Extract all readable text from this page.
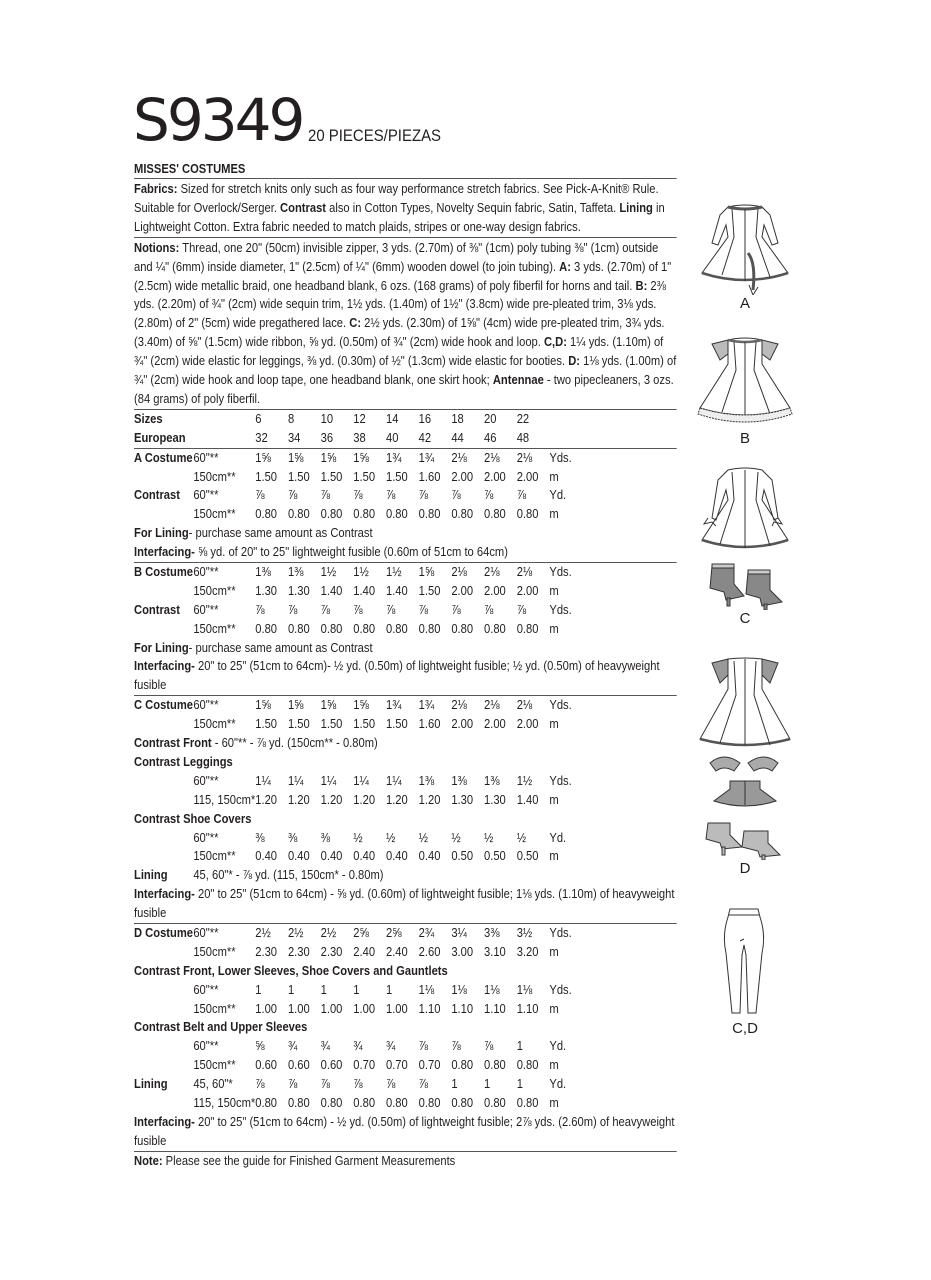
S9349 20 PIECES/PIEZAS
MISSES' COSTUMES
Fabrics: Sized for stretch knits only such as four way performance stretch fabrics. See Pick-A-Knit® Rule. Suitable for Overlock/Serger. Contrast also in Cotton Types, Novelty Sequin fabric, Satin, Taffeta. Lining in Lightweight Cotton. Extra fabric needed to match plaids, stripes or one-way design fabrics.
Notions: Thread, one 20" (50cm) invisible zipper, 3 yds. (2.70m) of ⅜" (1cm) poly tubing ⅜" (1cm) outside and ¼" (6mm) inside diameter, 1" (2.5cm) of ¼" (6mm) wooden dowel (to join tubing). A: 3 yds. (2.70m) of 1" (2.5cm) wide metallic braid, one headband blank, 6 ozs. (168 grams) of poly fiberfil for horns and tail. B: 2⅜ yds. (2.20m) of ¾" (2cm) wide sequin trim, 1½ yds. (1.40m) of 1½" (3.8cm) wide pre-pleated trim, 3⅛ yds. (2.80m) of 2" (5cm) wide pregathered lace. C: 2½ yds. (2.30m) of 1⅝" (4cm) wide pre-pleated trim, 3¾ yds. (3.40m) of ⅝" (1.5cm) wide ribbon, ⅝ yd. (0.50m) of ¾" (2cm) wide hook and loop. C,D: 1¼ yds. (1.10m) of ¾" (2cm) wide elastic for leggings, ⅜ yd. (0.30m) of ½" (1.3cm) wide elastic for booties. D: 1⅛ yds. (1.00m) of ¾" (2cm) wide hook and loop tape, one headband blank, one skirt hook; Antennae - two pipecleaners, 3 ozs. (84 grams) of poly fiberfil.
Sizes	6	8	10	12	14	16	18	20	22
European	32	34	36	38	40	42	44	46	48
A Costume 60"**	1⅝	1⅝	1⅝	1⅝	1¾	1¾	2⅛	2⅛	2⅛	Yds.
150cm**	1.50 1.50 1.50 1.50 1.50 1.60 2.00 2.00 2.00 m
Contrast	60"**	⅞	⅞	⅞	⅞	⅞	⅞	⅞	⅞	⅞	Yd.
150cm**	0.80 0.80 0.80 0.80 0.80 0.80 0.80 0.80 0.80 m
For Lining- purchase same amount as Contrast
Interfacing- ⅝ yd. of 20" to 25" lightweight fusible (0.60m of 51cm to 64cm)
B Costume 60"**	1⅜	1⅜	1½	1½	1½	1⅝	2⅛	2⅛	2⅛	Yds.
150cm**	1.30 1.30 1.40 1.40 1.40 1.50 2.00 2.00 2.00 m
Contrast	60"**	⅞	⅞	⅞	⅞	⅞	⅞	⅞	⅞	⅞	Yds.
150cm**	0.80 0.80 0.80 0.80 0.80 0.80 0.80 0.80 0.80 m
For Lining- purchase same amount as Contrast
Interfacing- 20" to 25" (51cm to 64cm)- ½ yd. (0.50m) of lightweight fusible; ½ yd. (0.50m) of heavyweight fusible
C Costume 60"**	1⅝	1⅝	1⅝	1⅝	1¾	1¾	2⅛	2⅛	2⅛	Yds.
150cm**	1.50 1.50 1.50 1.50 1.50 1.60 2.00 2.00 2.00 m
Contrast Front - 60"** - ⅞ yd. (150cm** - 0.80m)
Contrast Leggings
60"**	1¼	1¼	1¼	1¼	1¼	1⅜	1⅜	1⅜	1½	Yds.
115, 150cm* 1.20 1.20 1.20 1.20 1.20 1.20 1.30 1.30 1.40 m
Contrast Shoe Covers
60"**	⅜	⅜	⅜	½	½	½	½	½	½	Yd.
150cm**	0.40 0.40 0.40 0.40 0.40 0.40 0.50 0.50 0.50 m
Lining	45, 60"* - ⅞ yd. (115, 150cm* - 0.80m)
Interfacing- 20" to 25" (51cm to 64cm) - ⅝ yd. (0.60m) of lightweight fusible; 1⅛ yds. (1.10m) of heavyweight fusible
D Costume 60"**	2½	2½	2½	2⅝	2⅝	2¾	3¼	3⅜	3½	Yds.
150cm**	2.30 2.30 2.30 2.40 2.40 2.60 3.00 3.10 3.20 m
Contrast Front, Lower Sleeves, Shoe Covers and Gauntlets
60"**	1	1	1	1	1	1⅛	1⅛	1⅛	1⅛	Yds.
150cm**	1.00 1.00 1.00 1.00 1.00 1.10 1.10 1.10 1.10 m
Contrast Belt and Upper Sleeves
60"**	⅝	¾	¾	¾	¾	⅞	⅞	⅞	1	Yd.
150cm**	0.60 0.60 0.60 0.70 0.70 0.70 0.80 0.80 0.80 m
Lining	45, 60"*	⅞	⅞	⅞	⅞	⅞	⅞	1	1	1	Yd.
115, 150cm* 0.80 0.80 0.80 0.80 0.80 0.80 0.80 0.80 0.80 m
Interfacing- 20" to 25" (51cm to 64cm) - ½ yd. (0.50m) of lightweight fusible; 2⅞ yds. (2.60m) of heavyweight fusible
Note: Please see the guide for Finished Garment Measurements
A
B
C
D
C,D
